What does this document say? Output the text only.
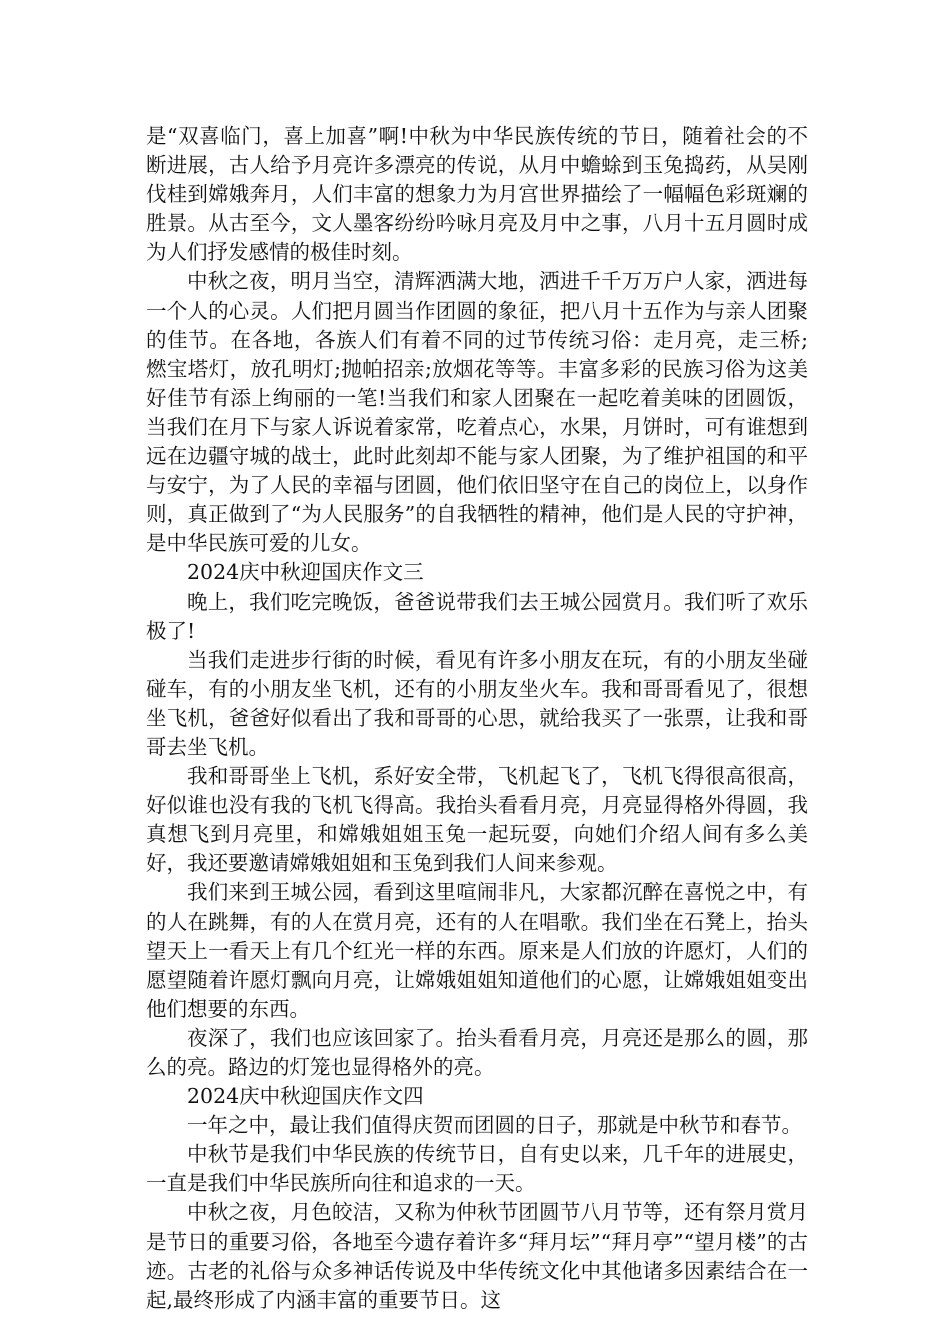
是“双喜临门，喜上加喜”啊!中秋为中华民族传统的节日，随着社会的不断进展，古人给予月亮许多漂亮的传说，从月中蟾蜍到玉兔捣药，从吴刚伐桂到嫦娥奔月，人们丰富的想象力为月宫世界描绘了一幅幅色彩斑斓的胜景。从古至今，文人墨客纷纷吟咏月亮及月中之事，八月十五月圆时成为人们抒发感情的极佳时刻。

中秋之夜，明月当空，清辉洒满大地，洒进千千万万户人家，洒进每一个人的心灵。人们把月圆当作团圆的象征，把八月十五作为与亲人团聚的佳节。在各地，各族人们有着不同的过节传统习俗：走月亮，走三桥;燃宝塔灯，放孔明灯;抛帕招亲;放烟花等等。丰富多彩的民族习俗为这美好佳节有添上绚丽的一笔!当我们和家人团聚在一起吃着美味的团圆饭，当我们在月下与家人诉说着家常，吃着点心，水果，月饼时，可有谁想到远在边疆守城的战士，此时此刻却不能与家人团聚，为了维护祖国的和平与安宁，为了人民的幸福与团圆，他们依旧坚守在自己的岗位上，以身作则，真正做到了“为人民服务”的自我牺牲的精神，他们是人民的守护神，是中华民族可爱的儿女。

2024庆中秋迎国庆作文三

晚上，我们吃完晚饭，爸爸说带我们去王城公园赏月。我们听了欢乐极了!

当我们走进步行街的时候，看见有许多小朋友在玩，有的小朋友坐碰碰车，有的小朋友坐飞机，还有的小朋友坐火车。我和哥哥看见了，很想坐飞机，爸爸好似看出了我和哥哥的心思，就给我买了一张票，让我和哥哥去坐飞机。

我和哥哥坐上飞机，系好安全带，飞机起飞了，飞机飞得很高很高，好似谁也没有我的飞机飞得高。我抬头看看月亮，月亮显得格外得圆，我真想飞到月亮里，和嫦娥姐姐玉兔一起玩耍，向她们介绍人间有多么美好，我还要邀请嫦娥姐姐和玉兔到我们人间来参观。

我们来到王城公园，看到这里喧闹非凡，大家都沉醉在喜悦之中，有的人在跳舞，有的人在赏月亮，还有的人在唱歌。我们坐在石凳上，抬头望天上一看天上有几个红光一样的东西。原来是人们放的许愿灯，人们的愿望随着许愿灯飘向月亮，让嫦娥姐姐知道他们的心愿，让嫦娥姐姐变出他们想要的东西。

夜深了，我们也应该回家了。抬头看看月亮，月亮还是那么的圆，那么的亮。路边的灯笼也显得格外的亮。

2024庆中秋迎国庆作文四

一年之中，最让我们值得庆贺而团圆的日子，那就是中秋节和春节。

中秋节是我们中华民族的传统节日，自有史以来，几千年的进展史，一直是我们中华民族所向往和追求的一天。

中秋之夜，月色皎洁，又称为仲秋节团圆节八月节等，还有祭月赏月是节日的重要习俗，各地至今遗存着许多“拜月坛”“拜月亭”“望月楼”的古迹。古老的礼俗与众多神话传说及中华传统文化中其他诸多因素结合在一起,最终形成了内涵丰富的重要节日。这
